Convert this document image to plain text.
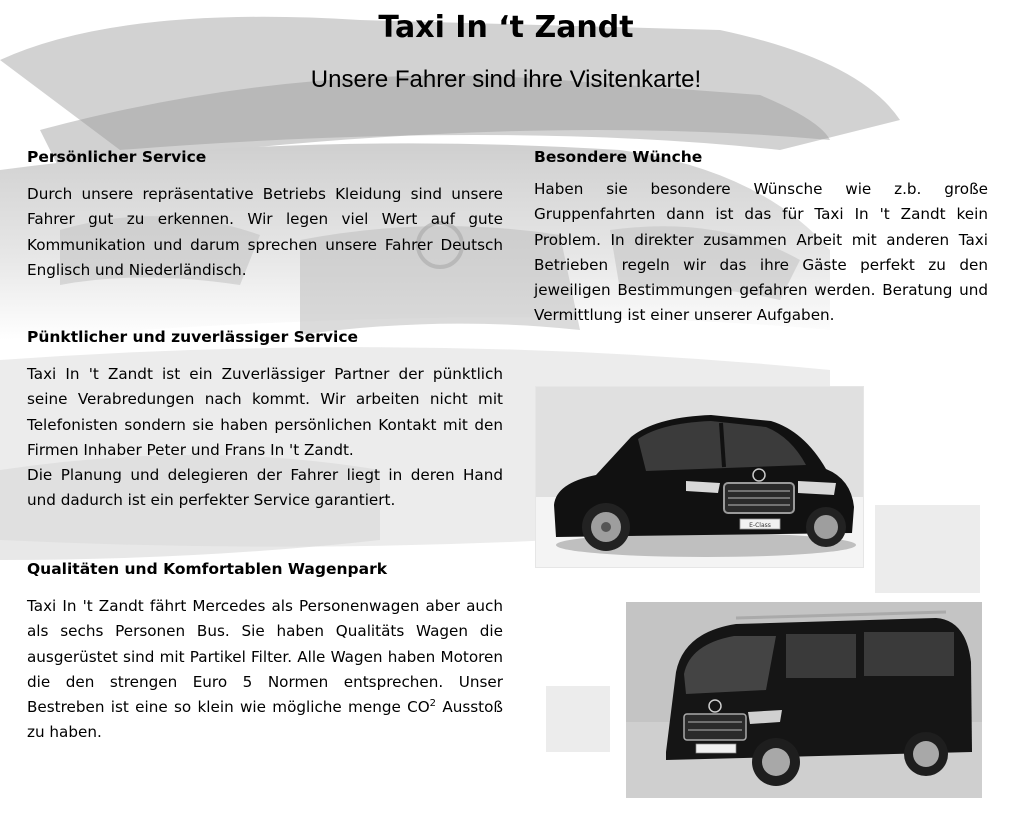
Taxi In ‘t Zandt
Unsere Fahrer sind ihre Visitenkarte!
Persönlicher Service

Durch unsere repräsentative Betriebs Kleidung sind unsere Fahrer gut zu erkennen. Wir legen viel Wert auf gute Kommunikation und darum sprechen unsere Fahrer Deutsch Englisch und Niederländisch.

Pünktlicher und zuverlässiger Service

Taxi In 't Zandt ist ein Zuverlässiger Partner der pünktlich seine Verabredungen nach kommt. Wir arbeiten nicht mit Telefonisten sondern sie haben persönlichen Kontakt mit den Firmen Inhaber Peter und Frans In 't Zandt.

Die Planung und delegieren der Fahrer liegt in deren Hand und dadurch ist ein perfekter Service garantiert.

Qualitäten und Komfortablen Wagenpark

Taxi In 't Zandt fährt Mercedes als Personenwagen aber auch als sechs Personen Bus. Sie haben Qualitäts Wagen die ausgerüstet sind mit Partikel Filter. Alle Wagen haben Motoren die den strengen Euro 5 Normen entsprechen. Unser Bestreben ist eine so klein wie mögliche menge $CO^2$ Ausstoß zu haben.

Besondere Wünche

Haben sie besondere Wünsche wie z.b. große Gruppenfahrten dann ist das für Taxi In 't Zandt kein Problem. In direkter zusammen Arbeit mit anderen Taxi Betrieben regeln wir das ihre Gäste perfekt zu den jeweiligen Bestimmungen gefahren werden. Beratung und Vermittlung ist einer unserer Aufgaben.

E-Class
